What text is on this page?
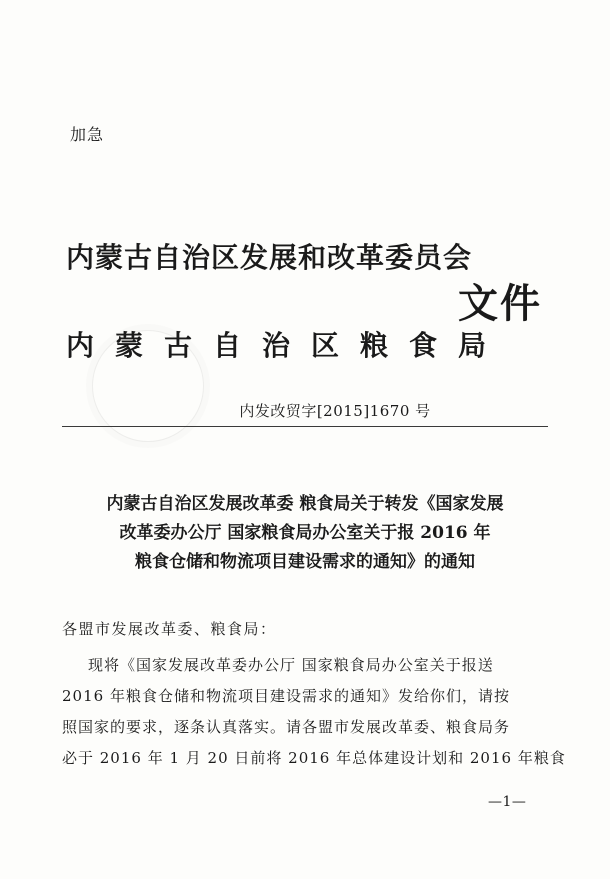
加急
内蒙古自治区发展和改革委员会
内蒙古自治区粮食局
文件
内发改贸字[2015]1670 号
内蒙古自治区发展改革委 粮食局关于转发《国家发展
改革委办公厅 国家粮食局办公室关于报 2016 年
粮食仓储和物流项目建设需求的通知》的通知
各盟市发展改革委、粮食局：
现将《国家发展改革委办公厅 国家粮食局办公室关于报送
2016 年粮食仓储和物流项目建设需求的通知》发给你们，请按
照国家的要求，逐条认真落实。请各盟市发展改革委、粮食局务
必于 2016 年 1 月 20 日前将 2016 年总体建设计划和 2016 年粮食
—1—
